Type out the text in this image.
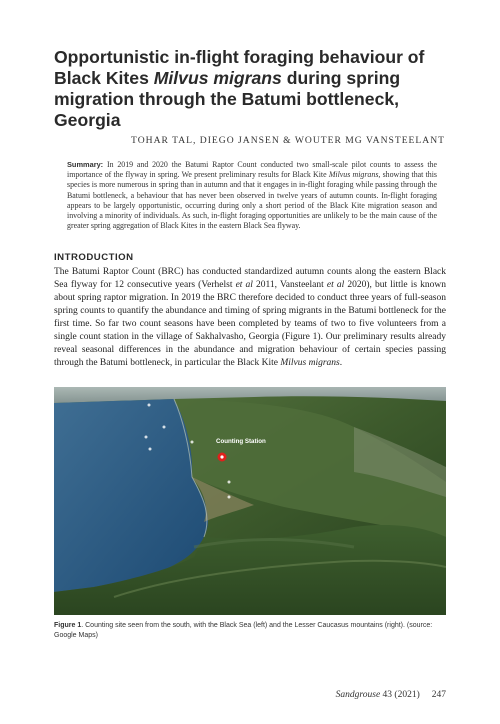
Opportunistic in-flight foraging behaviour of Black Kites Milvus migrans during spring migration through the Batumi bottleneck, Georgia
TOHAR TAL, DIEGO JANSEN & WOUTER MG VANSTEELANT
Summary: In 2019 and 2020 the Batumi Raptor Count conducted two small-scale pilot counts to assess the importance of the flyway in spring. We present preliminary results for Black Kite Milvus migrans, showing that this species is more numerous in spring than in autumn and that it engages in in-flight foraging while passing through the Batumi bottleneck, a behaviour that has never been observed in twelve years of autumn counts. In-flight foraging appears to be largely opportunistic, occurring during only a short period of the Black Kite migration season and involving a minority of individuals. As such, in-flight foraging opportunities are unlikely to be the main cause of the greater spring aggregation of Black Kites in the eastern Black Sea flyway.
INTRODUCTION
The Batumi Raptor Count (BRC) has conducted standardized autumn counts along the eastern Black Sea flyway for 12 consecutive years (Verhelst et al 2011, Vansteelant et al 2020), but little is known about spring raptor migration. In 2019 the BRC therefore decided to conduct three years of full-season spring counts to quantify the abundance and timing of spring migrants in the Batumi bottleneck for the first time. So far two count seasons have been completed by teams of two to five volunteers from a single count station in the village of Sakhalvasho, Georgia (Figure 1). Our preliminary results already reveal seasonal differences in the abundance and migration behaviour of certain species passing through the Batumi bottleneck, in particular the Black Kite Milvus migrans.
Counting Station
Figure 1. Counting site seen from the south, with the Black Sea (left) and the Lesser Caucasus mountains (right). (source: Google Maps)
Sandgrouse 43 (2021) 247
